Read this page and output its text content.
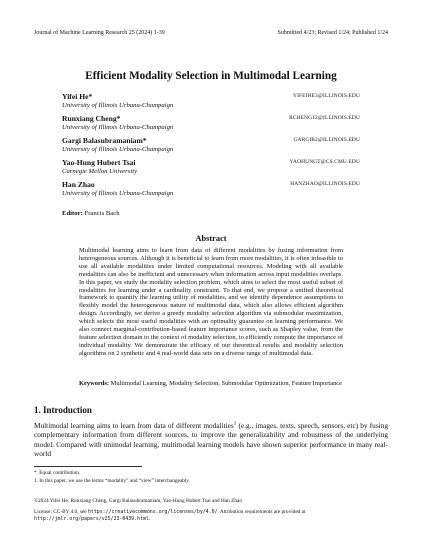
Journal of Machine Learning Research 25 (2024) 1-39	Submitted 4/23; Revised 1/24; Published 1/24
Efficient Modality Selection in Multimodal Learning
Yifei He*
University of Illinois Urbana-Champaign
YIFEIHE3@ILLINOIS.EDU
Runxiang Cheng*
University of Illinois Urbana-Champaign
RCHENG12@ILLINOIS.EDU
Gargi Balasubramaniam*
University of Illinois Urbana-Champaign
GARGIB2@ILLINOIS.EDU
Yao-Hung Hubert Tsai
Carnegie Mellon University
YAOHUNGT@CS.CMU.EDU
Han Zhao
University of Illinois Urbana-Champaign
HANZHAO@ILLINOIS.EDU
Editor: Francis Bach
Abstract
Multimodal learning aims to learn from data of different modalities by fusing information from heterogeneous sources. Although it is beneficial to learn from more modalities, it is often infeasible to use all available modalities under limited computational resources. Modeling with all available modalities can also be inefficient and unnecessary when information across input modalities overlaps. In this paper, we study the modality selection problem, which aims to select the most useful subset of modalities for learning under a cardinality constraint. To that end, we propose a unified theoretical framework to quantify the learning utility of modalities, and we identify dependence assumptions to flexibly model the heterogeneous nature of multimodal data, which also allows efficient algorithm design. Accordingly, we derive a greedy modality selection algorithm via submodular maximization, which selects the most useful modalities with an optimality guarantee on learning performance. We also connect marginal-contribution-based feature importance scores, such as Shapley value, from the feature selection domain to the context of modality selection, to efficiently compute the importance of individual modality. We demonstrate the efficacy of our theoretical results and modality selection algorithms on 2 synthetic and 4 real-world data sets on a diverse range of multimodal data.
Keywords: Multimodal Learning, Modality Selection, Submodular Optimization, Feature Importance
1. Introduction
Multimodal learning aims to learn from data of different modalities$^1$ (e.g., images, texts, speech, sensors, etc) by fusing complementary information from different sources, to improve the generalizability and robustness of the underlying model. Compared with unimodal learning, multimodal learning models have shown superior performance in many real-world
*. Equal contribution.
1. In this paper, we use the terms “modality” and “view” interchangeably.
©2024 Yifei He, Runxiang Cheng, Gargi Balasubramaniam, Yao-Hung Hubert Tsai and Han Zhao
License: CC-BY 4.0, see https://creativecommons.org/licenses/by/4.0/. Attribution requirements are provided at http://jmlr.org/papers/v25/23-0439.html.
